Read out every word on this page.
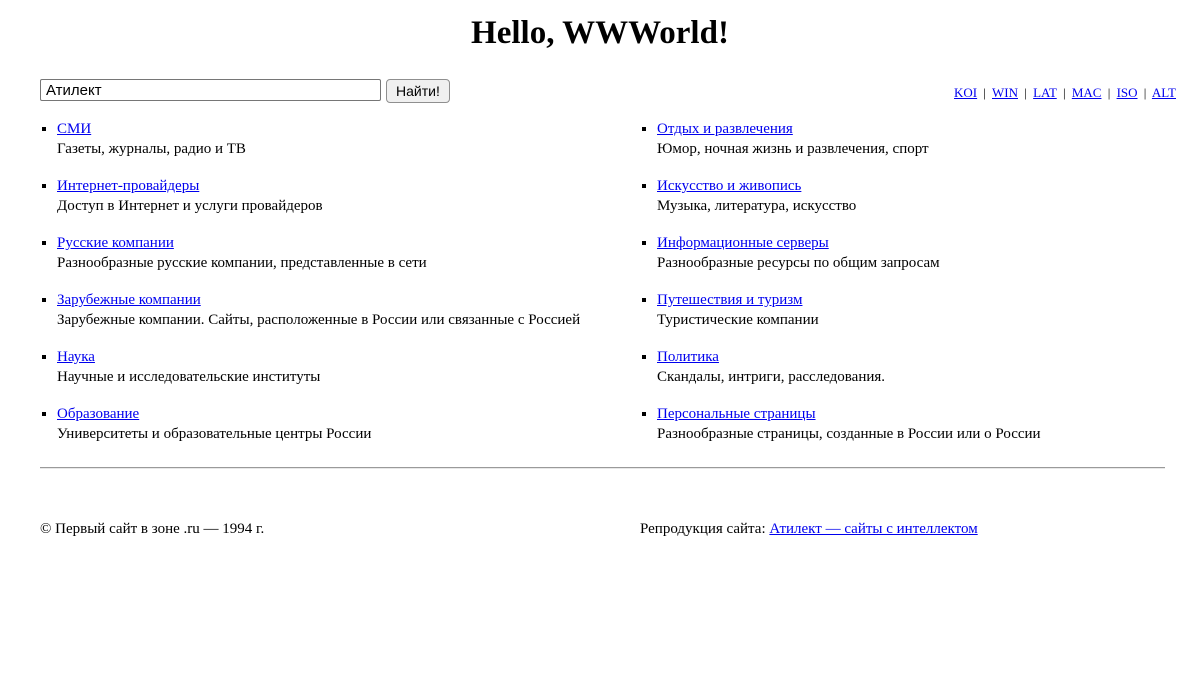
Hello, WWWorld!
Атилект
Найти!	KOI | WIN | LAT | MAC | ISO | ALT
▪ СМИ
Газеты, журналы, радио и ТВ
▪ Интернет-провайдеры
Доступ в Интернет и услуги провайдеров
▪ Русские компании
Разнообразные русские компании, представленные в сети
▪ Зарубежные компании
Зарубежные компании. Сайты, расположенные в России или связанные с Россией
▪ Наука
Научные и исследовательские институты
▪ Образование
Университеты и образовательные центры России
▪ Отдых и развлечения
Юмор, ночная жизнь и развлечения, спорт
▪ Искусство и живопись
Музыка, литература, искусство
▪ Информационные серверы
Разнообразные ресурсы по общим запросам
▪ Путешествия и туризм
Туристические компании
▪ Политика
Скандалы, интриги, расследования.
▪ Персональные страницы
Разнообразные страницы, созданные в России или о России
© Первый сайт в зоне .ru — 1994 г.	Репродукция сайта: Атилект — сайты с интеллектом
